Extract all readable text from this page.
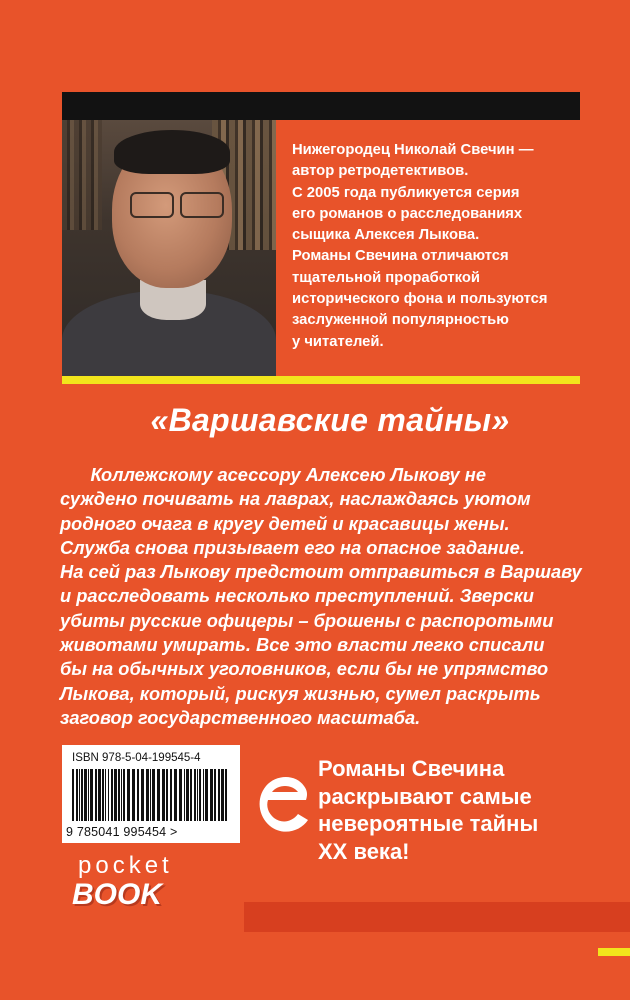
Нижегородец Николай Свечин —
автор ретродетективов.
С 2005 года публикуется серия
его романов о расследованиях
сыщика Алексея Лыкова.
Романы Свечина отличаются
тщательной проработкой
исторического фона и пользуются
заслуженной популярностью
у читателей.
«Варшавские тайны»
Коллежскому асессору Алексею Лыкову не
суждено почивать на лаврах, наслаждаясь уютом
родного очага в кругу детей и красавицы жены.
Служба снова призывает его на опасное задание.
На сей раз Лыкову предстоит отправиться в Варшаву
и расследовать несколько преступлений. Зверски
убиты русские офицеры – брошены с распоротыми
животами умирать. Все это власти легко списали
бы на обычных уголовников, если бы не упрямство
Лыкова, который, рискуя жизнью, сумел раскрыть
заговор государственного масштаба.
ISBN 978-5-04-199545-4
9 785041 995454 >
Романы Свечина
раскрывают самые
невероятные тайны
XX века!
pocket
BOOK
